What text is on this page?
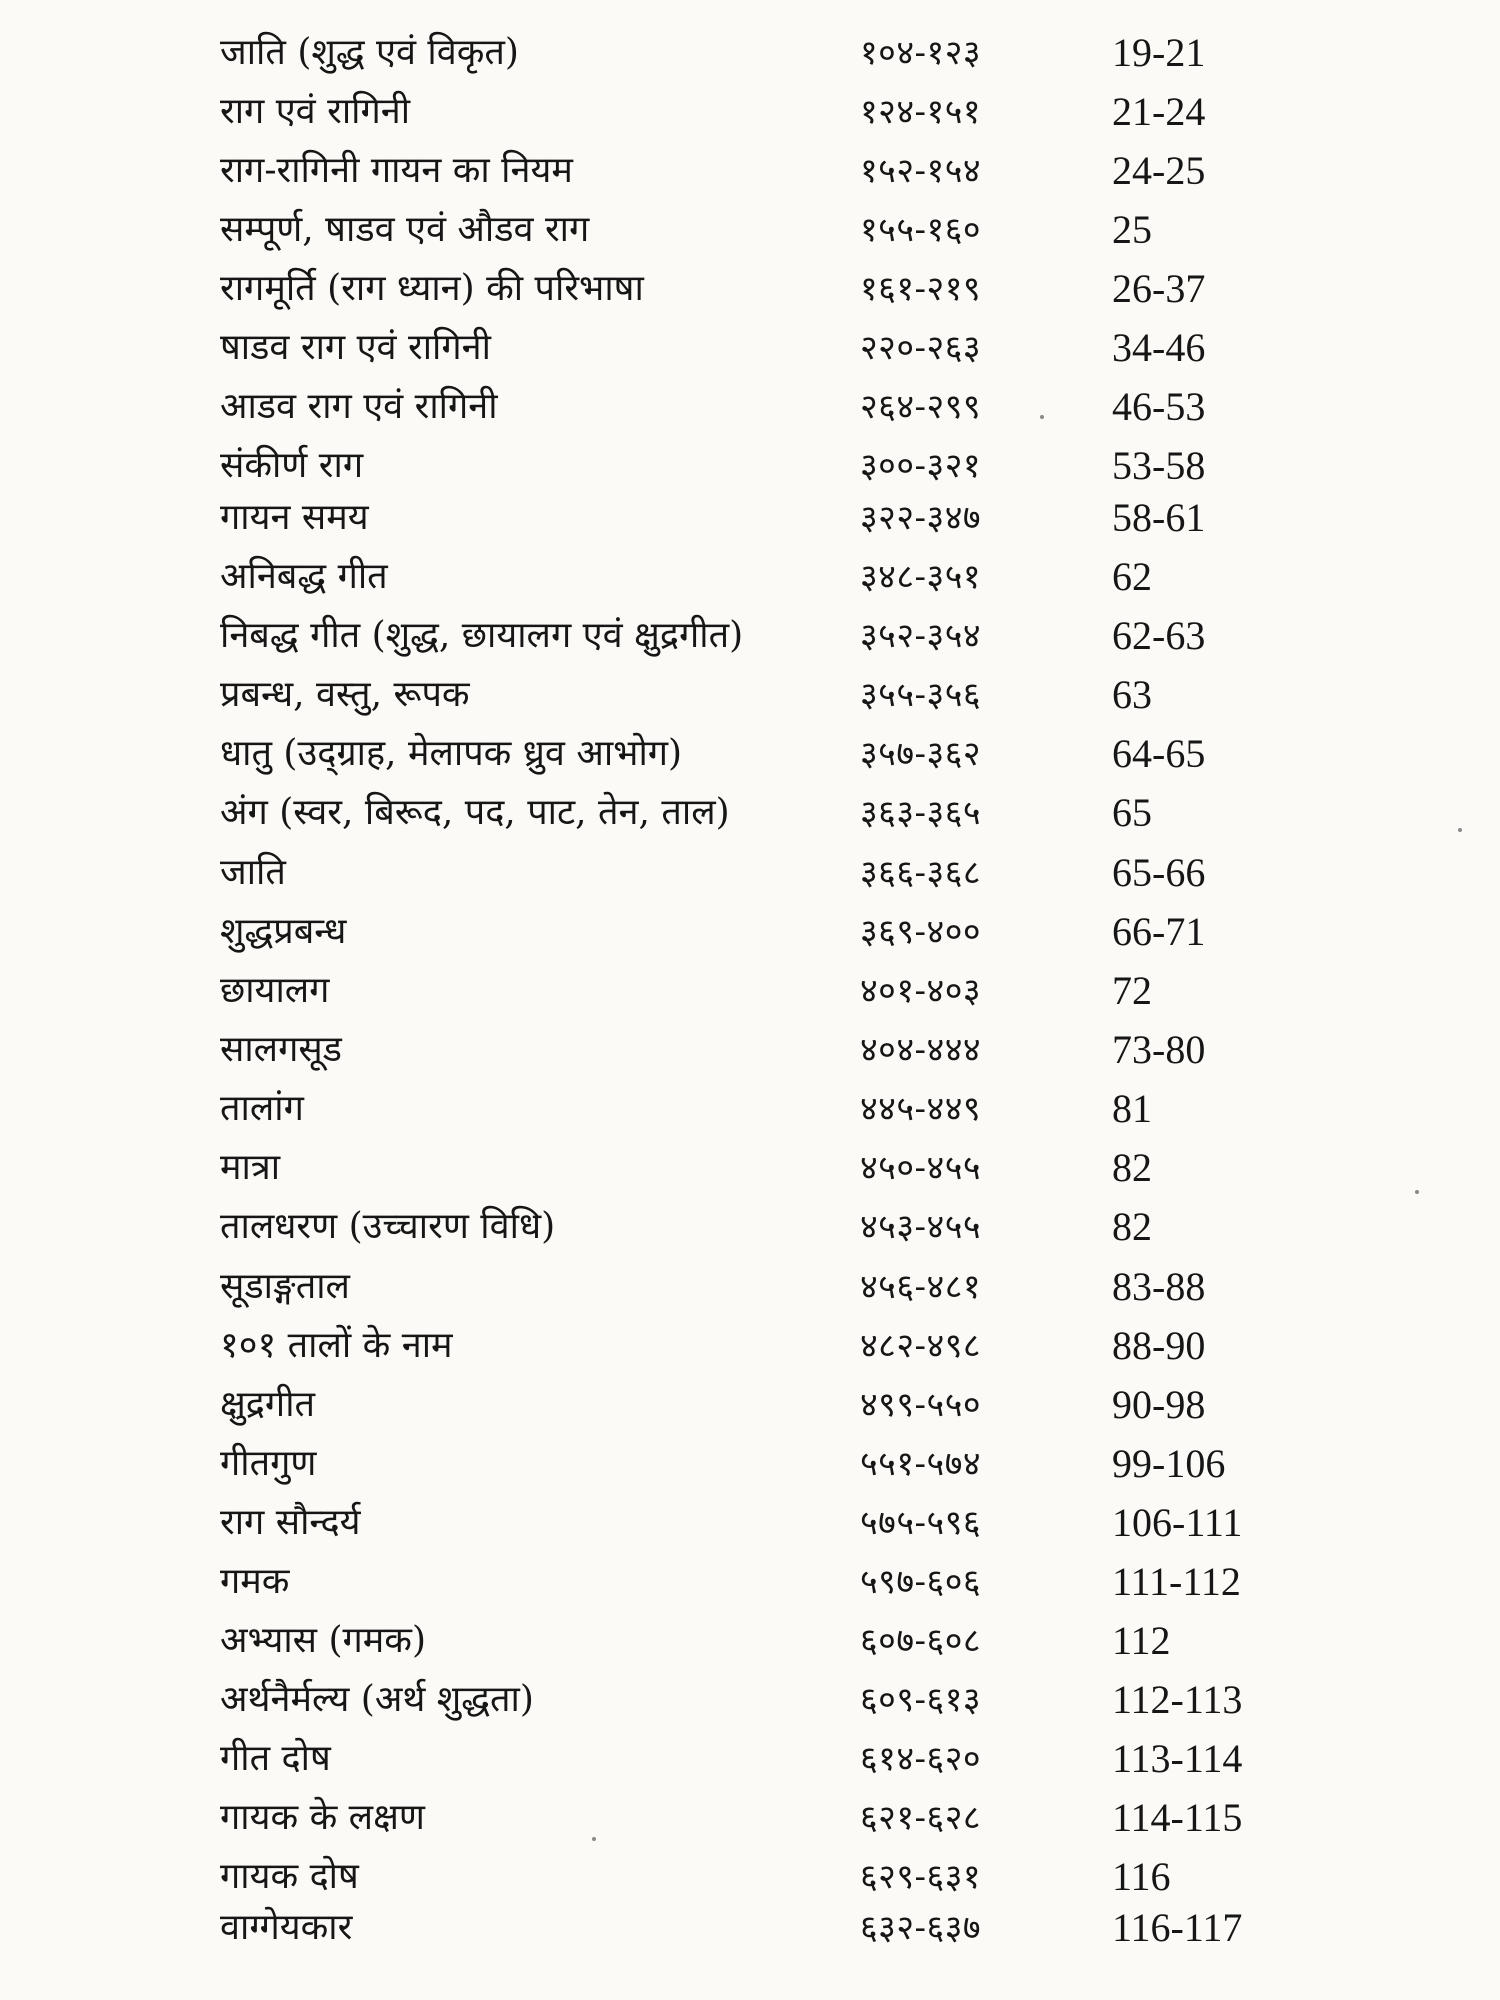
जाति (शुद्ध एवं विकृत)	१०४-१२३	19-21
राग एवं रागिनी	१२४-१५१	21-24
राग-रागिनी गायन का नियम	१५२-१५४	24-25
सम्पूर्ण, षाडव एवं औडव राग	१५५-१६०	25
रागमूर्ति (राग ध्यान) की परिभाषा	१६१-२१९	26-37
षाडव राग एवं रागिनी	२२०-२६३	34-46
आडव राग एवं रागिनी	२६४-२९९	46-53
संकीर्ण राग	३००-३२१	53-58
गायन समय	३२२-३४७	58-61
अनिबद्ध गीत	३४८-३५१	62
निबद्ध गीत (शुद्ध, छायालग एवं क्षुद्रगीत)	३५२-३५४	62-63
प्रबन्ध, वस्तु, रूपक	३५५-३५६	63
धातु (उद्ग्राह, मेलापक ध्रुव आभोग)	३५७-३६२	64-65
अंग (स्वर, बिरूद, पद, पाट, तेन, ताल)	३६३-३६५	65
जाति	३६६-३६८	65-66
शुद्धप्रबन्ध	३६९-४००	66-71
छायालग	४०१-४०३	72
सालगसूड	४०४-४४४	73-80
तालांग	४४५-४४९	81
मात्रा	४५०-४५५	82
तालधरण (उच्चारण विधि)	४५३-४५५	82
सूडाङ्गताल	४५६-४८१	83-88
१०१ तालों के नाम	४८२-४९८	88-90
क्षुद्रगीत	४९९-५५०	90-98
गीतगुण	५५१-५७४	99-106
राग सौन्दर्य	५७५-५९६	106-111
गमक	५९७-६०६	111-112
अभ्यास (गमक)	६०७-६०८	112
अर्थनैर्मल्य (अर्थ शुद्धता)	६०९-६१३	112-113
गीत दोष	६१४-६२०	113-114
गायक के लक्षण	६२१-६२८	114-115
गायक दोष	६२९-६३१	116
वाग्गेयकार	६३२-६३७	116-117
